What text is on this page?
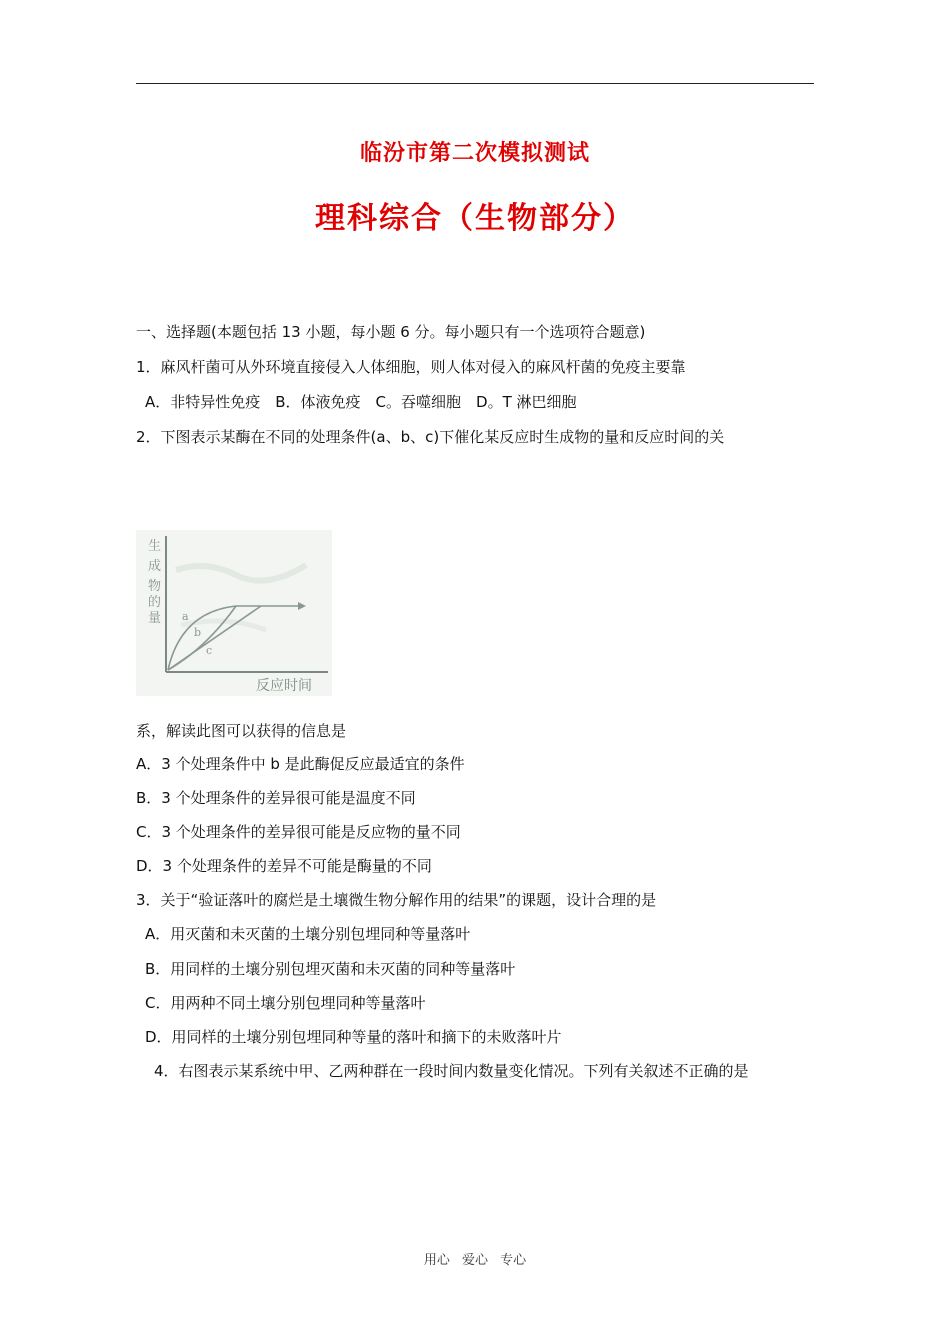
临汾市第二次模拟测试
理科综合（生物部分）
一、选择题(本题包括 13 小题，每小题 6 分。每小题只有一个选项符合题意)
1．麻风杆菌可从外环境直接侵入人体细胞，则人体对侵入的麻风杆菌的免疫主要靠
A．非特异性免疫　B．体液免疫　C。吞噬细胞　D。T 淋巴细胞
2．下图表示某酶在不同的处理条件(a、b、c)下催化某反应时生成物的量和反应时间的关
生
成
物
的
量 a
b
c
反应时间
系，解读此图可以获得的信息是
A．3 个处理条件中 b 是此酶促反应最适宜的条件
B．3 个处理条件的差异很可能是温度不同
C．3 个处理条件的差异很可能是反应物的量不同
D．3 个处理条件的差异不可能是酶量的不同
3．关于“验证落叶的腐烂是土壤微生物分解作用的结果”的课题，设计合理的是
A．用灭菌和未灭菌的土壤分别包埋同种等量落叶
B．用同样的土壤分别包埋灭菌和未灭菌的同种等量落叶
C．用两种不同土壤分别包埋同种等量落叶
D．用同样的土壤分别包埋同种等量的落叶和摘下的未败落叶片
4．右图表示某系统中甲、乙两种群在一段时间内数量变化情况。下列有关叙述不正确的是
用心 爱心 专心
